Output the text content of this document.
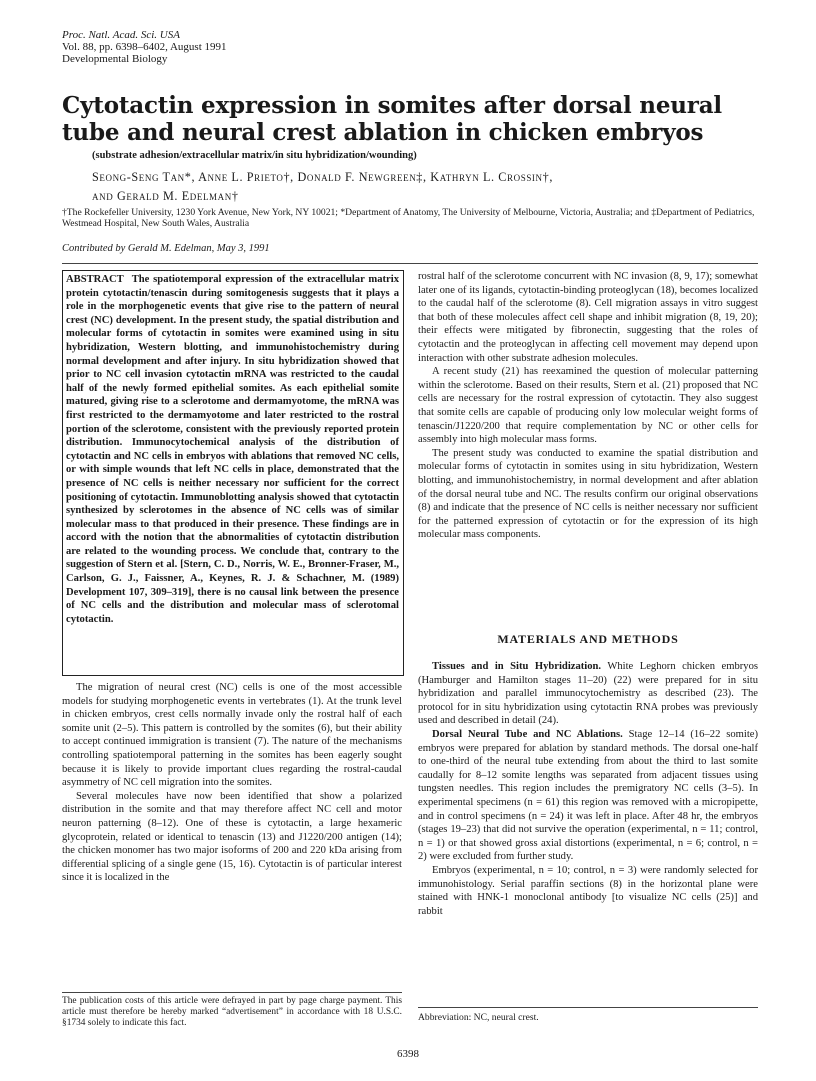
Proc. Natl. Acad. Sci. USA
Vol. 88, pp. 6398–6402, August 1991
Developmental Biology
Cytotactin expression in somites after dorsal neural tube and neural crest ablation in chicken embryos
(substrate adhesion/extracellular matrix/in situ hybridization/wounding)
Seong-Seng Tan*, Anne L. Prieto†, Donald F. Newgreen‡, Kathryn L. Crossin†,
and Gerald M. Edelman†
†The Rockefeller University, 1230 York Avenue, New York, NY 10021; *Department of Anatomy, The University of Melbourne, Victoria, Australia; and ‡Department of Pediatrics, Westmead Hospital, New South Wales, Australia
Contributed by Gerald M. Edelman, May 3, 1991

ABSTRACT The spatiotemporal expression of the extracellular matrix protein cytotactin/tenascin during somitogenesis suggests that it plays a role in the morphogenetic events that give rise to the pattern of neural crest (NC) development. In the present study, the spatial distribution and molecular forms of cytotactin in somites were examined using in situ hybridization, Western blotting, and immunohistochemistry during normal development and after injury. In situ hybridization showed that prior to NC cell invasion cytotactin mRNA was restricted to the caudal half of the newly formed epithelial somites. As each epithelial somite matured, giving rise to a sclerotome and dermamyotome, the mRNA was first restricted to the dermamyotome and later restricted to the rostral portion of the sclerotome, consistent with the previously reported protein distribution. Immunocytochemical analysis of the distribution of cytotactin and NC cells in embryos with ablations that removed NC cells, or with simple wounds that left NC cells in place, demonstrated that the presence of NC cells is neither necessary nor sufficient for the correct positioning of cytotactin. Immunoblotting analysis showed that cytotactin synthesized by sclerotomes in the absence of NC cells was of similar molecular mass to that produced in their presence. These findings are in accord with the notion that the abnormalities of cytotactin distribution are related to the wounding process. We conclude that, contrary to the suggestion of Stern et al. [Stern, C. D., Norris, W. E., Bronner-Fraser, M., Carlson, G. J., Faissner, A., Keynes, R. J. & Schachner, M. (1989) Development 107, 309–319], there is no causal link between the presence of NC cells and the distribution and molecular mass of sclerotomal cytotactin.

The migration of neural crest (NC) cells is one of the most accessible models for studying morphogenetic events in vertebrates (1). At the trunk level in chicken embryos, crest cells normally invade only the rostral half of each somite unit (2–5). This pattern is controlled by the somites (6), but their ability to accept continued immigration is transient (7). The nature of the mechanisms controlling spatiotemporal patterning in the somites has been eagerly sought because it is likely to provide important clues regarding the rostral-caudal asymmetry of NC cell migration into the somites.

Several molecules have now been identified that show a polarized distribution in the somite and that may therefore affect NC cell and motor neuron patterning (8–12). One of these is cytotactin, a large hexameric glycoprotein, related or identical to tenascin (13) and J1220/200 antigen (14); the chicken monomer has two major isoforms of 200 and 220 kDa arising from differential splicing of a single gene (15, 16). Cytotactin is of particular interest since it is localized in the

rostral half of the sclerotome concurrent with NC invasion (8, 9, 17); somewhat later one of its ligands, cytotactin-binding proteoglycan (18), becomes localized to the caudal half of the sclerotome (8). Cell migration assays in vitro suggest that both of these molecules affect cell shape and inhibit migration (8, 19, 20); their effects were mitigated by fibronectin, suggesting that the roles of cytotactin and the proteoglycan in affecting cell movement may depend upon interaction with other substrate adhesion molecules.

A recent study (21) has reexamined the question of molecular patterning within the sclerotome. Based on their results, Stern et al. (21) proposed that NC cells are necessary for the rostral expression of cytotactin. They also suggest that somite cells are capable of producing only low molecular weight forms of tenascin/J1220/200 that require complementation by NC or other cells for assembly into high molecular mass forms.

The present study was conducted to examine the spatial distribution and molecular forms of cytotactin in somites using in situ hybridization, Western blotting, and immunohistochemistry, in normal development and after ablation of the dorsal neural tube and NC. The results confirm our original observations (8) and indicate that the presence of NC cells is neither necessary nor sufficient for the patterned expression of cytotactin or for the expression of its high molecular mass components.

MATERIALS AND METHODS

Tissues and in Situ Hybridization. White Leghorn chicken embryos (Hamburger and Hamilton stages 11–20) (22) were prepared for in situ hybridization and parallel immunocytochemistry as described (23). The protocol for in situ hybridization using cytotactin RNA probes was previously used and described in detail (24).

Dorsal Neural Tube and NC Ablations. Stage 12–14 (16–22 somite) embryos were prepared for ablation by standard methods. The dorsal one-half to one-third of the neural tube extending from about the third to last somite caudally for 8–12 somite lengths was separated from adjacent tissues using tungsten needles. This region includes the premigratory NC cells (3–5). In experimental specimens (n = 61) this region was removed with a micropipette, and in control specimens (n = 24) it was left in place. After 48 hr, the embryos (stages 19–23) that did not survive the operation (experimental, n = 11; control, n = 1) or that showed gross axial distortions (experimental, n = 6; control, n = 2) were excluded from further study.

Embryos (experimental, n = 10; control, n = 3) were randomly selected for immunohistology. Serial paraffin sections (8) in the horizontal plane were stained with HNK-1 monoclonal antibody [to visualize NC cells (25)] and rabbit

The publication costs of this article were defrayed in part by page charge payment. This article must therefore be hereby marked “advertisement” in accordance with 18 U.S.C. §1734 solely to indicate this fact.	Abbreviation: NC, neural crest.
6398
